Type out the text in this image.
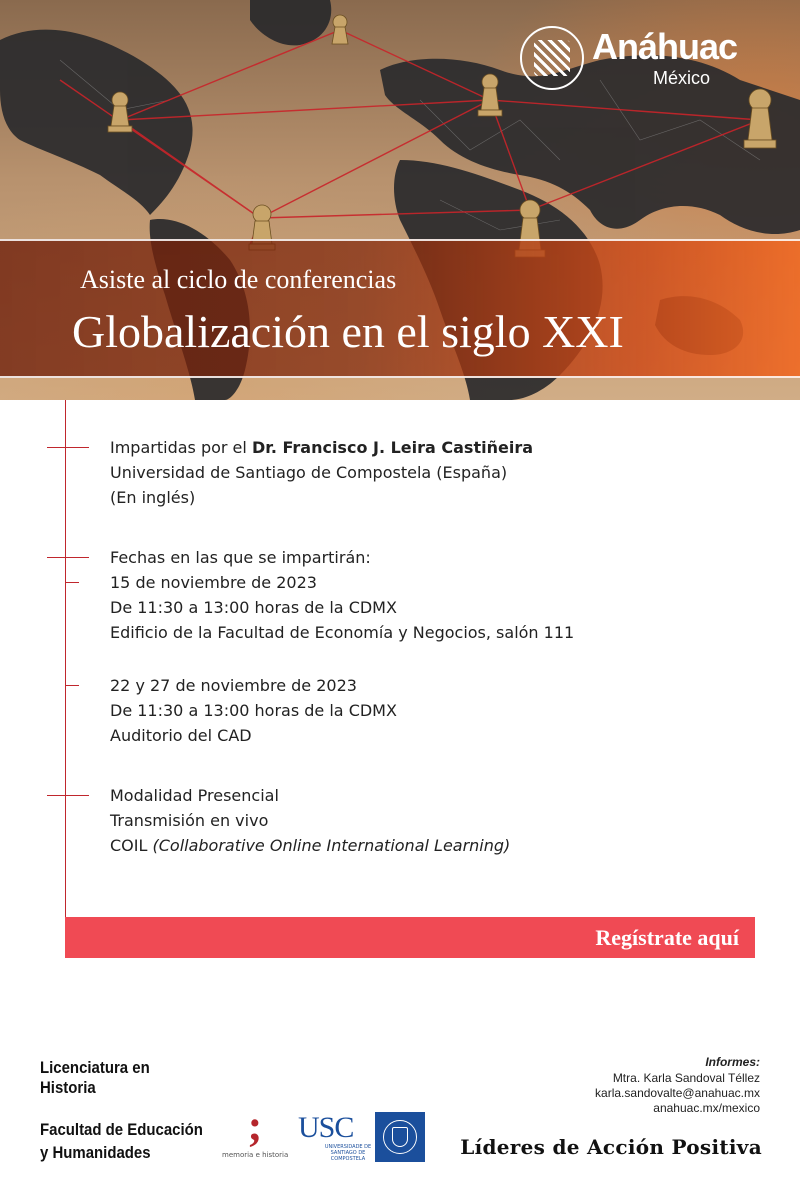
Anáhuac
México
Asiste al ciclo de conferencias
Globalización en el siglo XXI
Impartidas por el Dr. Francisco J. Leira Castiñeira
Universidad de Santiago de Compostela (España)
(En inglés)
Fechas en las que se impartirán:
15 de noviembre de 2023
De 11:30 a 13:00 horas de la CDMX
Edificio de la Facultad de Economía y Negocios, salón 111
22 y 27 de noviembre de 2023
De 11:30 a 13:00 horas de la CDMX
Auditorio del CAD
Modalidad Presencial
Transmisión en vivo
COIL (Collaborative Online International Learning)
Regístrate aquí
Licenciatura en
Historia
Facultad de Educación
y Humanidades
;
memoria e historia
USC
UNIVERSIDADE DE SANTIAGO DE COMPOSTELA
Informes:
Mtra. Karla Sandoval Téllez
karla.sandovalte@anahuac.mx
anahuac.mx/mexico
Líderes de Acción Positiva
